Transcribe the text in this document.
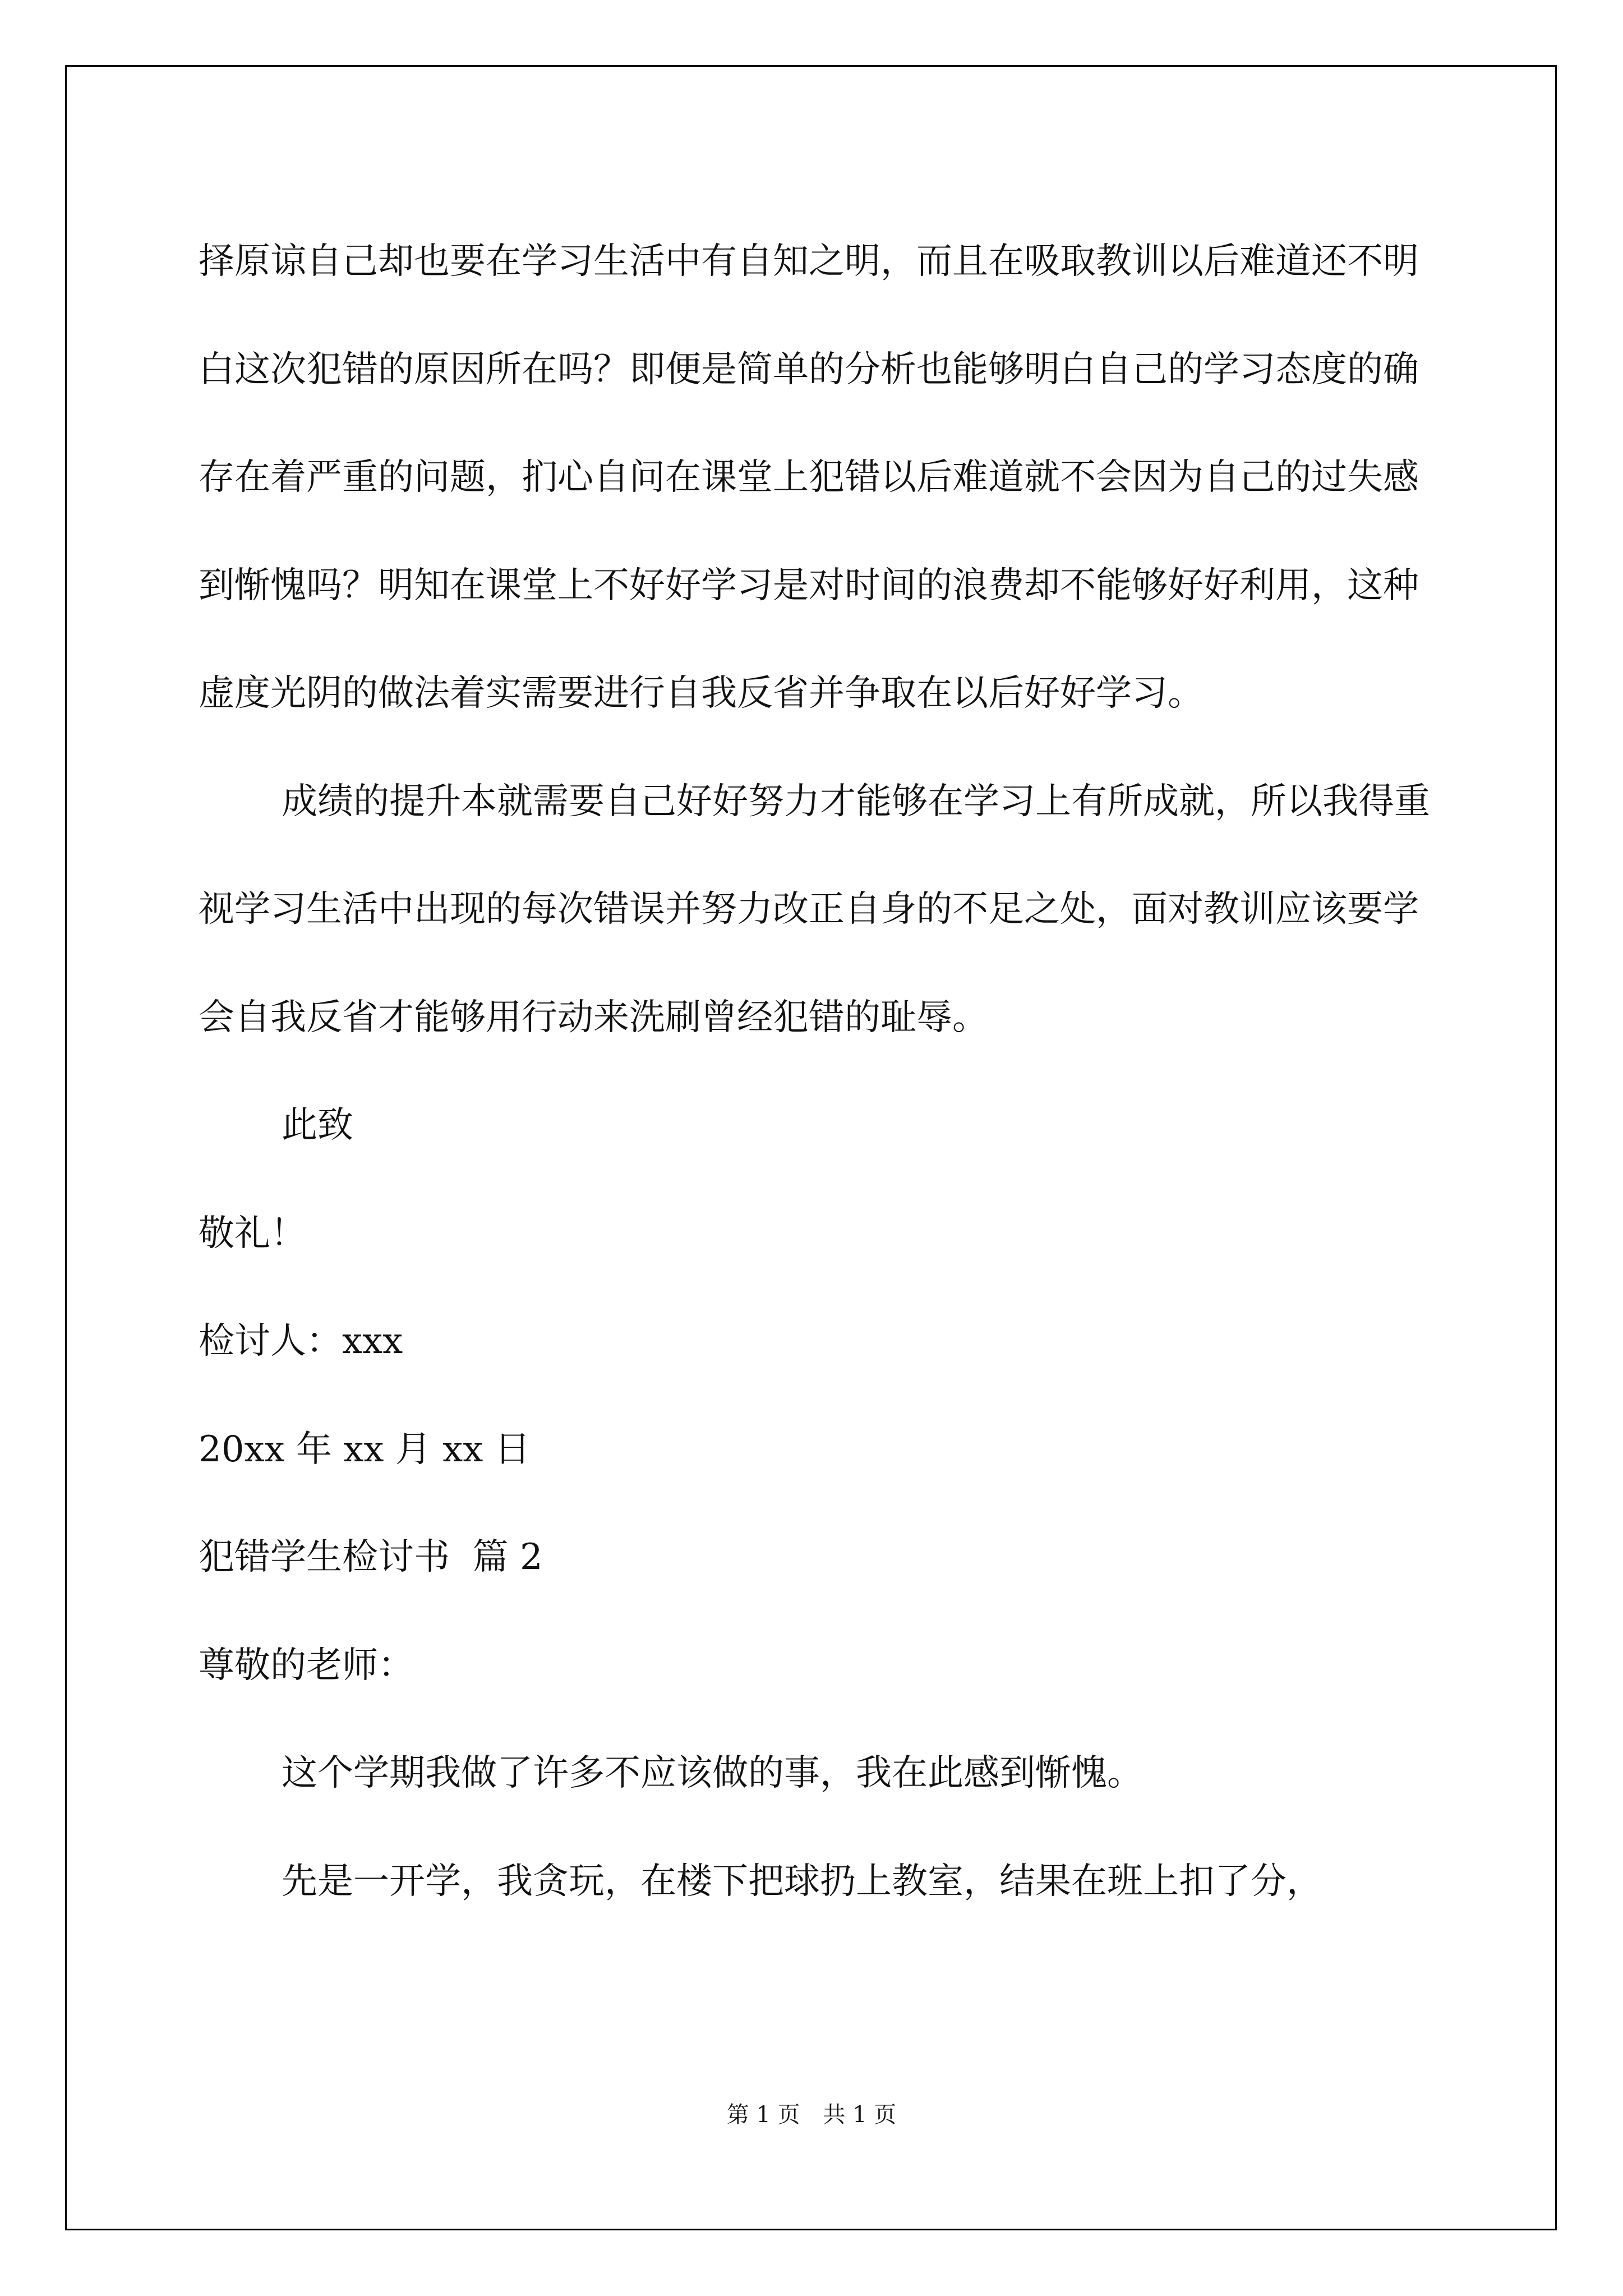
择原谅自己却也要在学习生活中有自知之明，而且在吸取教训以后难道还不明白这次犯错的原因所在吗？即便是简单的分析也能够明白自己的学习态度的确存在着严重的问题，扪心自问在课堂上犯错以后难道就不会因为自己的过失感到惭愧吗？明知在课堂上不好好学习是对时间的浪费却不能够好好利用，这种虚度光阴的做法着实需要进行自我反省并争取在以后好好学习。

成绩的提升本就需要自己好好努力才能够在学习上有所成就，所以我得重视学习生活中出现的每次错误并努力改正自身的不足之处，面对教训应该要学会自我反省才能够用行动来洗刷曾经犯错的耻辱。

此致

敬礼！

检讨人：xxx

20xx 年 xx 月 xx 日

犯错学生检讨书  篇 2

尊敬的老师：

这个学期我做了许多不应该做的事，我在此感到惭愧。

先是一开学，我贪玩，在楼下把球扔上教室，结果在班上扣了分，

第 1 页 共 1 页
